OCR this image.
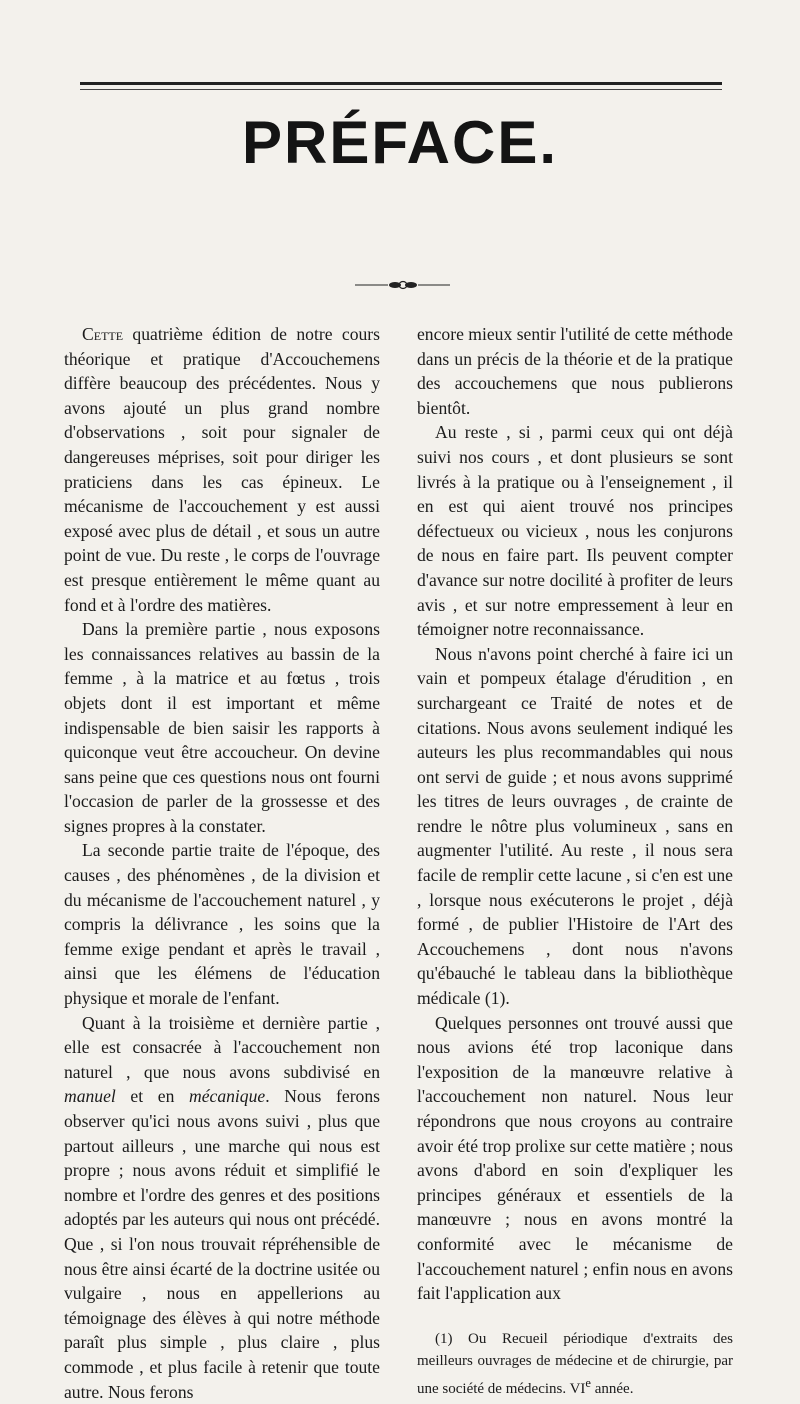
PRÉFACE.

Cette quatrième édition de notre cours théorique et pratique d'Accouchemens diffère beaucoup des précédentes. Nous y avons ajouté un plus grand nombre d'observations , soit pour signaler de dangereuses méprises, soit pour diriger les praticiens dans les cas épineux. Le mécanisme de l'accouchement y est aussi exposé avec plus de détail , et sous un autre point de vue. Du reste , le corps de l'ouvrage est presque entièrement le même quant au fond et à l'ordre des matières.

Dans la première partie , nous exposons les connaissances relatives au bassin de la femme , à la matrice et au fœtus , trois objets dont il est important et même indispensable de bien saisir les rapports à quiconque veut être accoucheur. On devine sans peine que ces questions nous ont fourni l'occasion de parler de la grossesse et des signes propres à la constater.

La seconde partie traite de l'époque, des causes , des phénomènes , de la division et du mécanisme de l'accouchement naturel , y compris la délivrance , les soins que la femme exige pendant et après le travail , ainsi que les élémens de l'éducation physique et morale de l'enfant.

Quant à la troisième et dernière partie , elle est consacrée à l'accouchement non naturel , que nous avons subdivisé en manuel et en mécanique. Nous ferons observer qu'ici nous avons suivi , plus que partout ailleurs , une marche qui nous est propre ; nous avons réduit et simplifié le nombre et l'ordre des genres et des positions adoptés par les auteurs qui nous ont précédé. Que , si l'on nous trouvait répréhensible de nous être ainsi écarté de la doctrine usitée ou vulgaire , nous en appellerions au témoignage des élèves à qui notre méthode paraît plus simple , plus claire , plus commode , et plus facile à retenir que toute autre. Nous ferons

encore mieux sentir l'utilité de cette méthode dans un précis de la théorie et de la pratique des accouchemens que nous publierons bientôt.

Au reste , si , parmi ceux qui ont déjà suivi nos cours , et dont plusieurs se sont livrés à la pratique ou à l'enseignement , il en est qui aient trouvé nos principes défectueux ou vicieux , nous les conjurons de nous en faire part. Ils peuvent compter d'avance sur notre docilité à profiter de leurs avis , et sur notre empressement à leur en témoigner notre reconnaissance.

Nous n'avons point cherché à faire ici un vain et pompeux étalage d'érudition , en surchargeant ce Traité de notes et de citations. Nous avons seulement indiqué les auteurs les plus recommandables qui nous ont servi de guide ; et nous avons supprimé les titres de leurs ouvrages , de crainte de rendre le nôtre plus volumineux , sans en augmenter l'utilité. Au reste , il nous sera facile de remplir cette lacune , si c'en est une , lorsque nous exécuterons le projet , déjà formé , de publier l'Histoire de l'Art des Accouchemens , dont nous n'avons qu'ébauché le tableau dans la bibliothèque médicale (1).

Quelques personnes ont trouvé aussi que nous avions été trop laconique dans l'exposition de la manœuvre relative à l'accouchement non naturel. Nous leur répondrons que nous croyons au contraire avoir été trop prolixe sur cette matière ; nous avons d'abord en soin d'expliquer les principes généraux et essentiels de la manœuvre ; nous en avons montré la conformité avec le mécanisme de l'accouchement naturel ; enfin nous en avons fait l'application aux

(1) Ou Recueil périodique d'extraits des meilleurs ouvrages de médecine et de chirurgie, par une société de médecins. VIe année.
